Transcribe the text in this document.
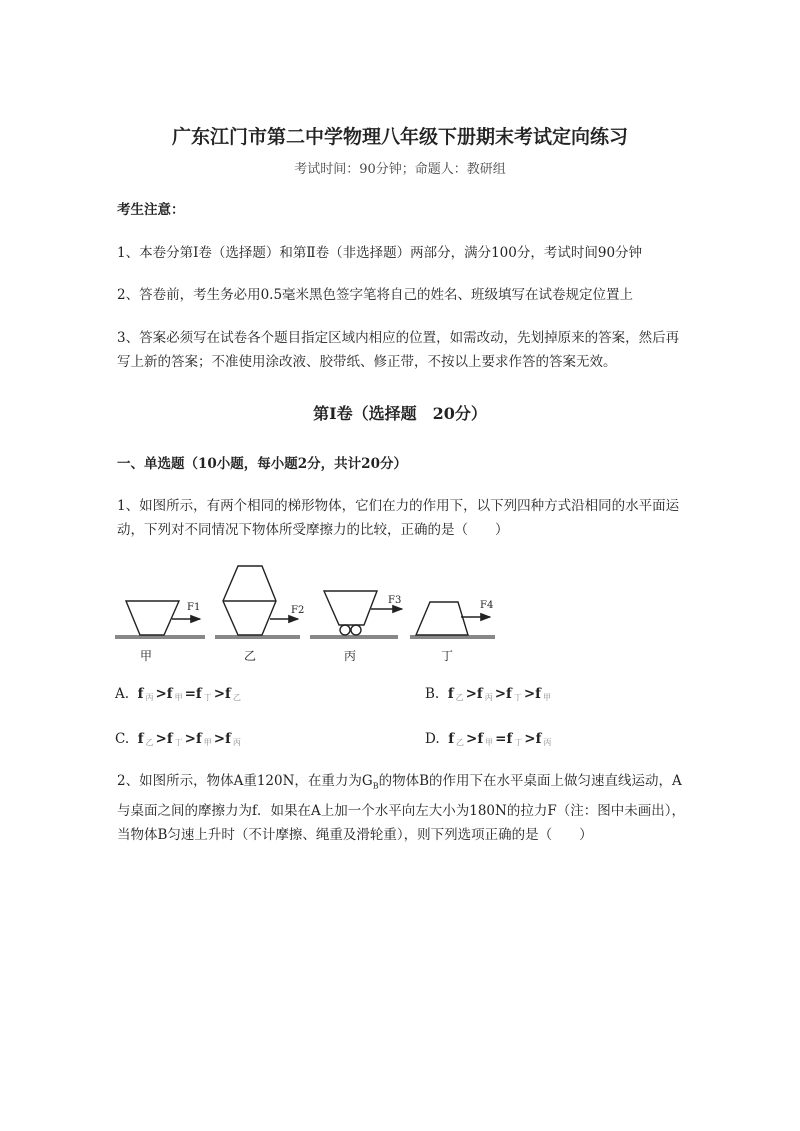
广东江门市第二中学物理八年级下册期末考试定向练习
考试时间：90分钟；命题人：教研组
考生注意：
1、本卷分第I卷（选择题）和第Ⅱ卷（非选择题）两部分，满分100分，考试时间90分钟
2、答卷前，考生务必用0.5毫米黑色签字笔将自己的姓名、班级填写在试卷规定位置上
3、答案必须写在试卷各个题目指定区域内相应的位置，如需改动，先划掉原来的答案，然后再写上新的答案；不准使用涂改液、胶带纸、修正带，不按以上要求作答的答案无效。
第I卷（选择题　20分）
一、单选题（10小题，每小题2分，共计20分）
1、如图所示，有两个相同的梯形物体，它们在力的作用下，以下列四种方式沿相同的水平面运动，下列对不同情况下物体所受摩擦力的比较，正确的是（　　）
F1	F2
F3	F4
甲	乙	丙	丁
A. f $_丙$ >f $_甲$ =f $_丁$ >f $_乙$	B. f $_乙$ >f $_丙$ >f $_丁$ >f $_甲$
C. f $_乙$ >f $_丁$ >f $_甲$ >f $_丙$	D. f $_乙$ >f $_甲$ =f $_丁$ >f $_丙$
2、如图所示，物体A重120N，在重力为$G_B$的物体B的作用下在水平桌面上做匀速直线运动，A与桌面之间的摩擦力为f．如果在A上加一个水平向左大小为180N的拉力F（注：图中未画出），当物体B匀速上升时（不计摩擦、绳重及滑轮重），则下列选项正确的是（　　）
